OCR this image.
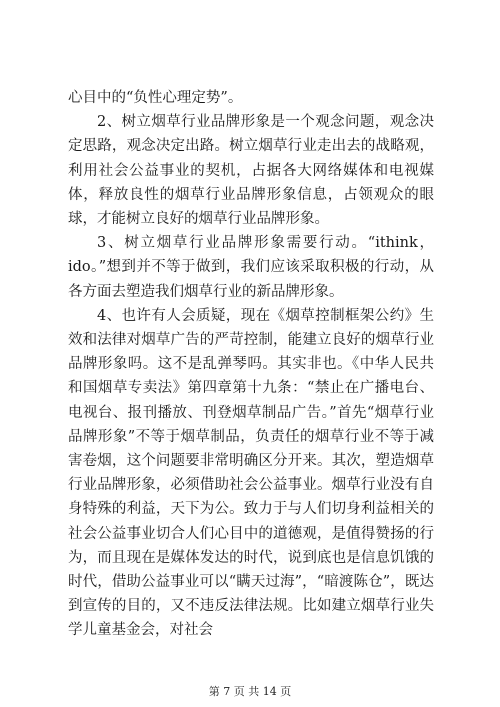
心目中的“负性心理定势”。

2、树立烟草行业品牌形象是一个观念问题，观念决定思路，观念决定出路。树立烟草行业走出去的战略观，利用社会公益事业的契机，占据各大网络媒体和电视媒体，释放良性的烟草行业品牌形象信息，占领观众的眼球，才能树立良好的烟草行业品牌形象。

3、树立烟草行业品牌形象需要行动。“ithink，ido。”想到并不等于做到，我们应该采取积极的行动，从各方面去塑造我们烟草行业的新品牌形象。

4、也许有人会质疑，现在《烟草控制框架公约》生效和法律对烟草广告的严苛控制，能建立良好的烟草行业品牌形象吗。这不是乱弹琴吗。其实非也。《中华人民共和国烟草专卖法》第四章第十九条：“禁止在广播电台、电视台、报刊播放、刊登烟草制品广告。”首先“烟草行业品牌形象”不等于烟草制品，负责任的烟草行业不等于减害卷烟，这个问题要非常明确区分开来。其次，塑造烟草行业品牌形象，必须借助社会公益事业。烟草行业没有自身特殊的利益，天下为公。致力于与人们切身利益相关的社会公益事业切合人们心目中的道德观，是值得赞扬的行为，而且现在是媒体发达的时代，说到底也是信息饥饿的时代，借助公益事业可以“瞒天过海”，“暗渡陈仓”，既达到宣传的目的，又不违反法律法规。比如建立烟草行业失学儿童基金会，对社会

第 7 页 共 14 页
